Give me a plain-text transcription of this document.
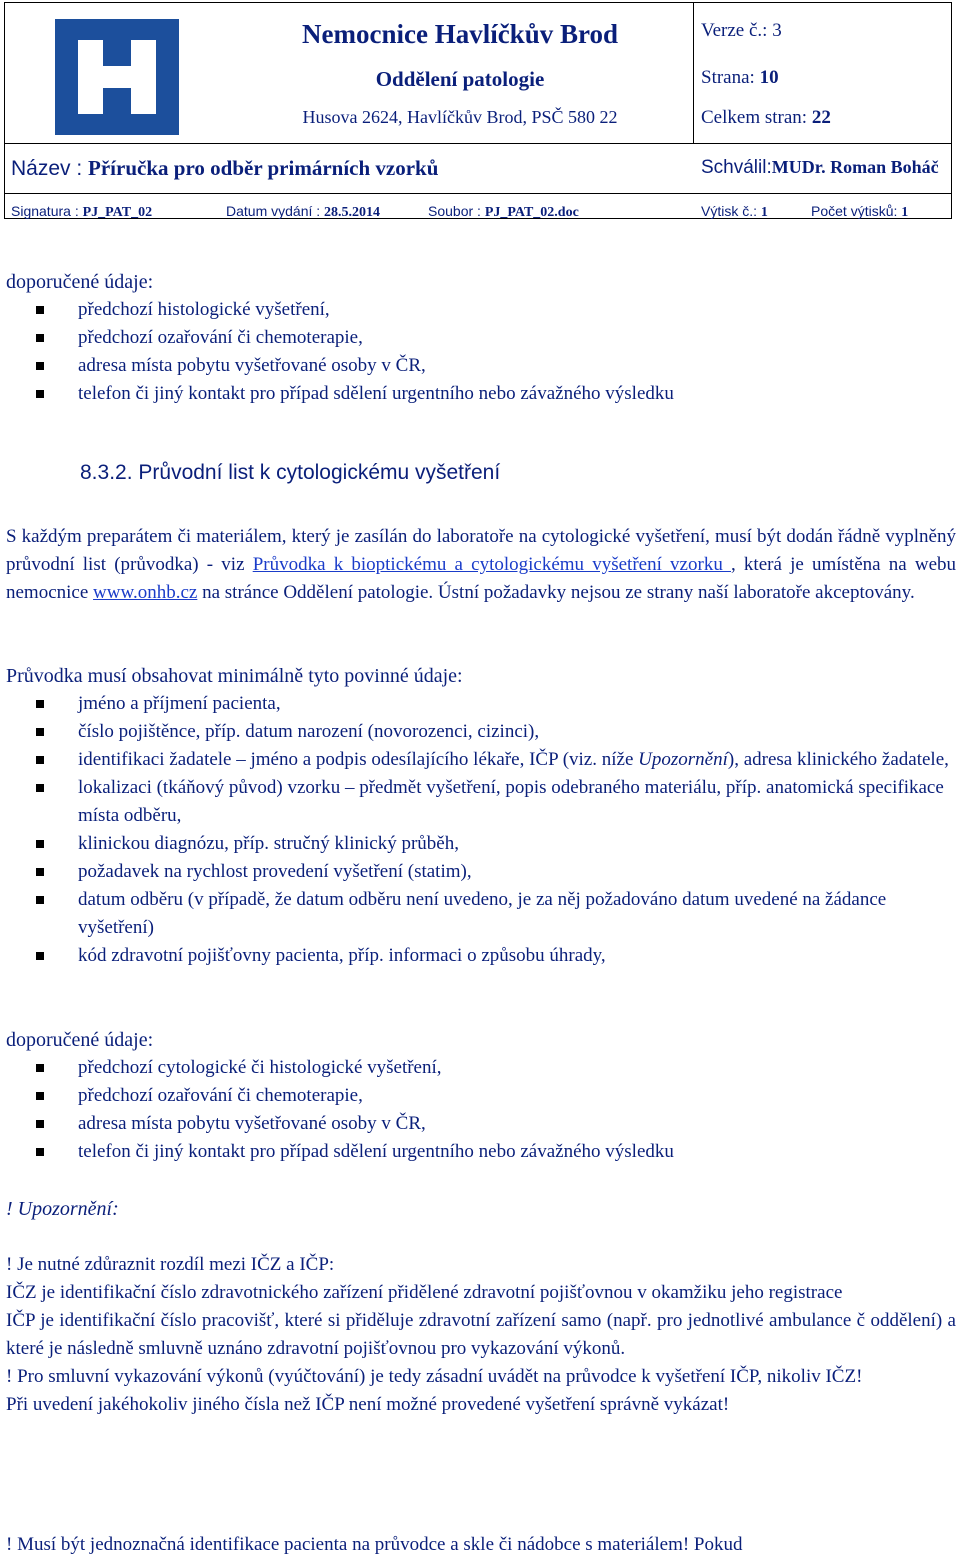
Nemocnice Havlíčkův Brod
Oddělení patologie
Husova 2624, Havlíčkův Brod, PSČ 580 22
Verze č.: 3
Strana: 10
Celkem stran: 22
Název : Příručka pro odběr primárních vzorků	Schválil:MUDr. Roman Boháč
Signatura : PJ_PAT_02	Datum vydání : 28.5.2014	Soubor : PJ_PAT_02.doc	Výtisk č.: 1	Počet výtisků: 1
doporučené údaje:
předchozí histologické vyšetření,
předchozí ozařování či chemoterapie,
adresa místa pobytu vyšetřované osoby v ČR,
telefon či jiný kontakt pro případ sdělení urgentního nebo závažného výsledku
8.3.2. Průvodní list k cytologickému vyšetření
S každým preparátem či materiálem, který je zasílán do laboratoře na cytologické vyšetření, musí být dodán řádně vyplněný průvodní list (průvodka) - viz Průvodka k bioptickému a cytologickému vyšetření vzorku , která je umístěna na webu nemocnice www.onhb.cz na stránce Oddělení patologie. Ústní požadavky nejsou ze strany naší laboratoře akceptovány.
Průvodka musí obsahovat minimálně tyto povinné údaje:
jméno a příjmení pacienta,
číslo pojištěnce, příp. datum narození (novorozenci, cizinci),
identifikaci žadatele – jméno a podpis odesílajícího lékaře, IČP (viz. níže Upozornění), adresa klinického žadatele,
lokalizaci (tkáňový původ) vzorku – předmět vyšetření, popis odebraného materiálu, příp. anatomická specifikace místa odběru,
klinickou diagnózu, příp. stručný klinický průběh,
požadavek na rychlost provedení vyšetření (statim),
datum odběru (v případě, že datum odběru není uvedeno, je za něj požadováno datum uvedené na žádance vyšetření)
kód zdravotní pojišťovny pacienta, příp. informaci o způsobu úhrady,
doporučené údaje:
předchozí cytologické či histologické vyšetření,
předchozí ozařování či chemoterapie,
adresa místa pobytu vyšetřované osoby v ČR,
telefon či jiný kontakt pro případ sdělení urgentního nebo závažného výsledku
! Upozornění:
! Je nutné zdůraznit rozdíl mezi IČZ a IČP:
IČZ je identifikační číslo zdravotnického zařízení přidělené zdravotní pojišťovnou v okamžiku jeho registrace
IČP je identifikační číslo pracovišť, které si přiděluje zdravotní zařízení samo (např. pro jednotlivé ambulance č oddělení) a které je následně smluvně uznáno zdravotní pojišťovnou pro vykazování výkonů.
! Pro smluvní vykazování výkonů (vyúčtování) je tedy zásadní uvádět na průvodce k vyšetření IČP, nikoliv IČZ!
Při uvedení jakéhokoliv jiného čísla než IČP není možné provedené vyšetření správně vykázat!
! Musí být jednoznačná identifikace pacienta na průvodce a skle či nádobce s materiálem! Pokud
